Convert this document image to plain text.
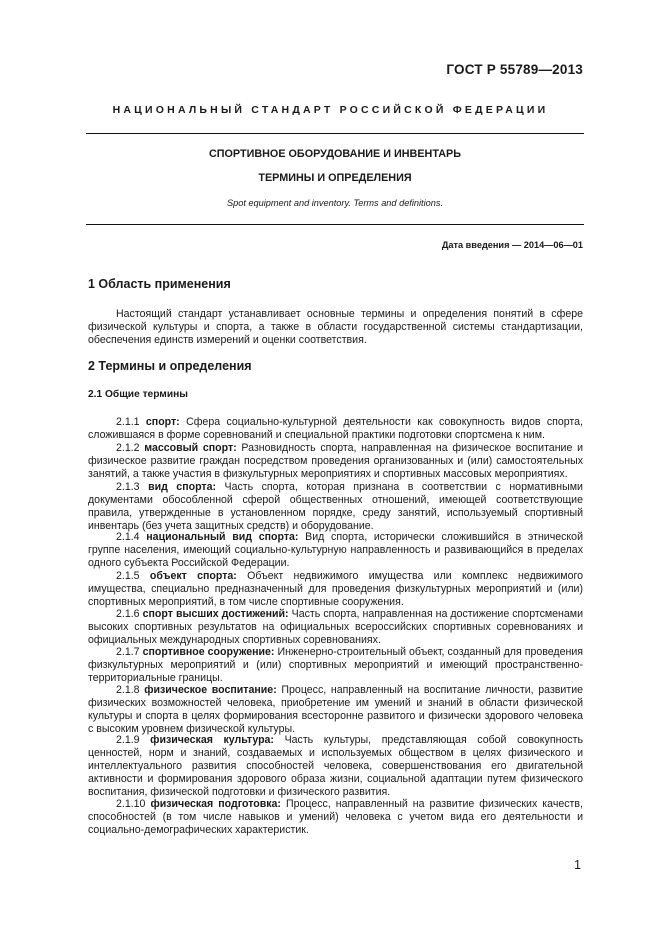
ГОСТ Р 55789—2013
НАЦИОНАЛЬНЫЙ СТАНДАРТ РОССИЙСКОЙ ФЕДЕРАЦИИ
СПОРТИВНОЕ ОБОРУДОВАНИЕ И ИНВЕНТАРЬ
ТЕРМИНЫ И ОПРЕДЕЛЕНИЯ
Spot equipment and inventory. Terms and definitions.
Дата введения — 2014—06—01
1 Область применения
Настоящий стандарт устанавливает основные термины и определения понятий в сфере физической культуры и спорта, а также в области государственной системы стандартизации, обеспечения единств измерений и оценки соответствия.
2 Термины и определения
2.1 Общие термины
2.1.1 спорт: Сфера социально-культурной деятельности как совокупность видов спорта, сложившаяся в форме соревнований и специальной практики подготовки спортсмена к ним.
2.1.2 массовый спорт: Разновидность спорта, направленная на физическое воспитание и физическое развитие граждан посредством проведения организованных и (или) самостоятельных занятий, а также участия в физкультурных мероприятиях и спортивных массовых мероприятиях.
2.1.3 вид спорта: Часть спорта, которая признана в соответствии с нормативными документами обособленной сферой общественных отношений, имеющей соответствующие правила, утвержденные в установленном порядке, среду занятий, используемый спортивный инвентарь (без учета защитных средств) и оборудование.
2.1.4 национальный вид спорта: Вид спорта, исторически сложившийся в этнической группе населения, имеющий социально-культурную направленность и развивающийся в пределах одного субъекта Российской Федерации.
2.1.5 объект спорта: Объект недвижимого имущества или комплекс недвижимого имущества, специально предназначенный для проведения физкультурных мероприятий и (или) спортивных мероприятий, в том числе спортивные сооружения.
2.1.6 спорт высших достижений: Часть спорта, направленная на достижение спортсменами высоких спортивных результатов на официальных всероссийских спортивных соревнованиях и официальных международных спортивных соревнованиях.
2.1.7 спортивное сооружение: Инженерно-строительный объект, созданный для проведения физкультурных мероприятий и (или) спортивных мероприятий и имеющий пространственно-территориальные границы.
2.1.8 физическое воспитание: Процесс, направленный на воспитание личности, развитие физических возможностей человека, приобретение им умений и знаний в области физической культуры и спорта в целях формирования всесторонне развитого и физически здорового человека с высоким уровнем физической культуры.
2.1.9 физическая культура: Часть культуры, представляющая собой совокупность ценностей, норм и знаний, создаваемых и используемых обществом в целях физического и интеллектуального развития способностей человека, совершенствования его двигательной активности и формирования здорового образа жизни, социальной адаптации путем физического воспитания, физической подготовки и физического развития.
2.1.10 физическая подготовка: Процесс, направленный на развитие физических качеств, способностей (в том числе навыков и умений) человека с учетом вида его деятельности и социально-демографических характеристик.
1
